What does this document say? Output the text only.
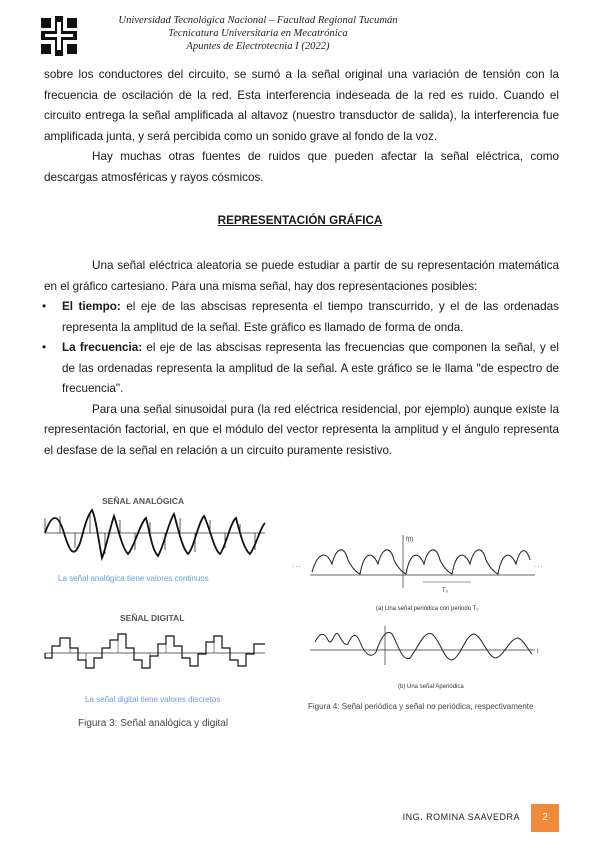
Universidad Tecnológica Nacional – Facultad Regional Tucumán
Tecnicatura Universitaria en Mecatrónica
Apuntes de Electrotecnia I (2022)

sobre los conductores del circuito, se sumó a la señal original una variación de tensión con la frecuencia de oscilación de la red. Esta interferencia indeseada de la red es ruido. Cuando el circuito entrega la señal amplificada al altavoz (nuestro transductor de salida), la interferencia fue amplificada junta, y será percibida como un sonido grave al fondo de la voz.

Hay muchas otras fuentes de ruidos que pueden afectar la señal eléctrica, como descargas atmosféricas y rayos cósmicos.

REPRESENTACIÓN GRÁFICA

Una señal eléctrica aleatoria se puede estudiar a partir de su representación matemática en el gráfico cartesiano. Para una misma señal, hay dos representaciones posibles:

• El tiempo: el eje de las abscisas representa el tiempo transcurrido, y el de las ordenadas representa la amplitud de la señal. Este gráfico es llamado de forma de onda.

• La frecuencia: el eje de las abscisas representa las frecuencias que componen la señal, y el de las ordenadas representa la amplitud de la señal. A este gráfico se le llama "de espectro de frecuencia".

Para una señal sinusoidal pura (la red eléctrica residencial, por ejemplo) aunque existe la representación factorial, en que el módulo del vector representa la amplitud y el ángulo representa el desfase de la señal en relación a un circuito puramente resistivo.

SEÑAL ANALÓGICA
La señal analógica tiene valores continuos
SEÑAL DIGITAL
La señal digital tiene valores discretos
Figura 3: Señal analógica y digital
. . .	. . .
f(t)
T₀
(a) Una señal periódica con periodo T₀
t
(b) Una señal Aperiódica
Figura 4: Señal periódica y señal no periódica, respectivamente
ING. ROMINA SAAVEDRA	2
